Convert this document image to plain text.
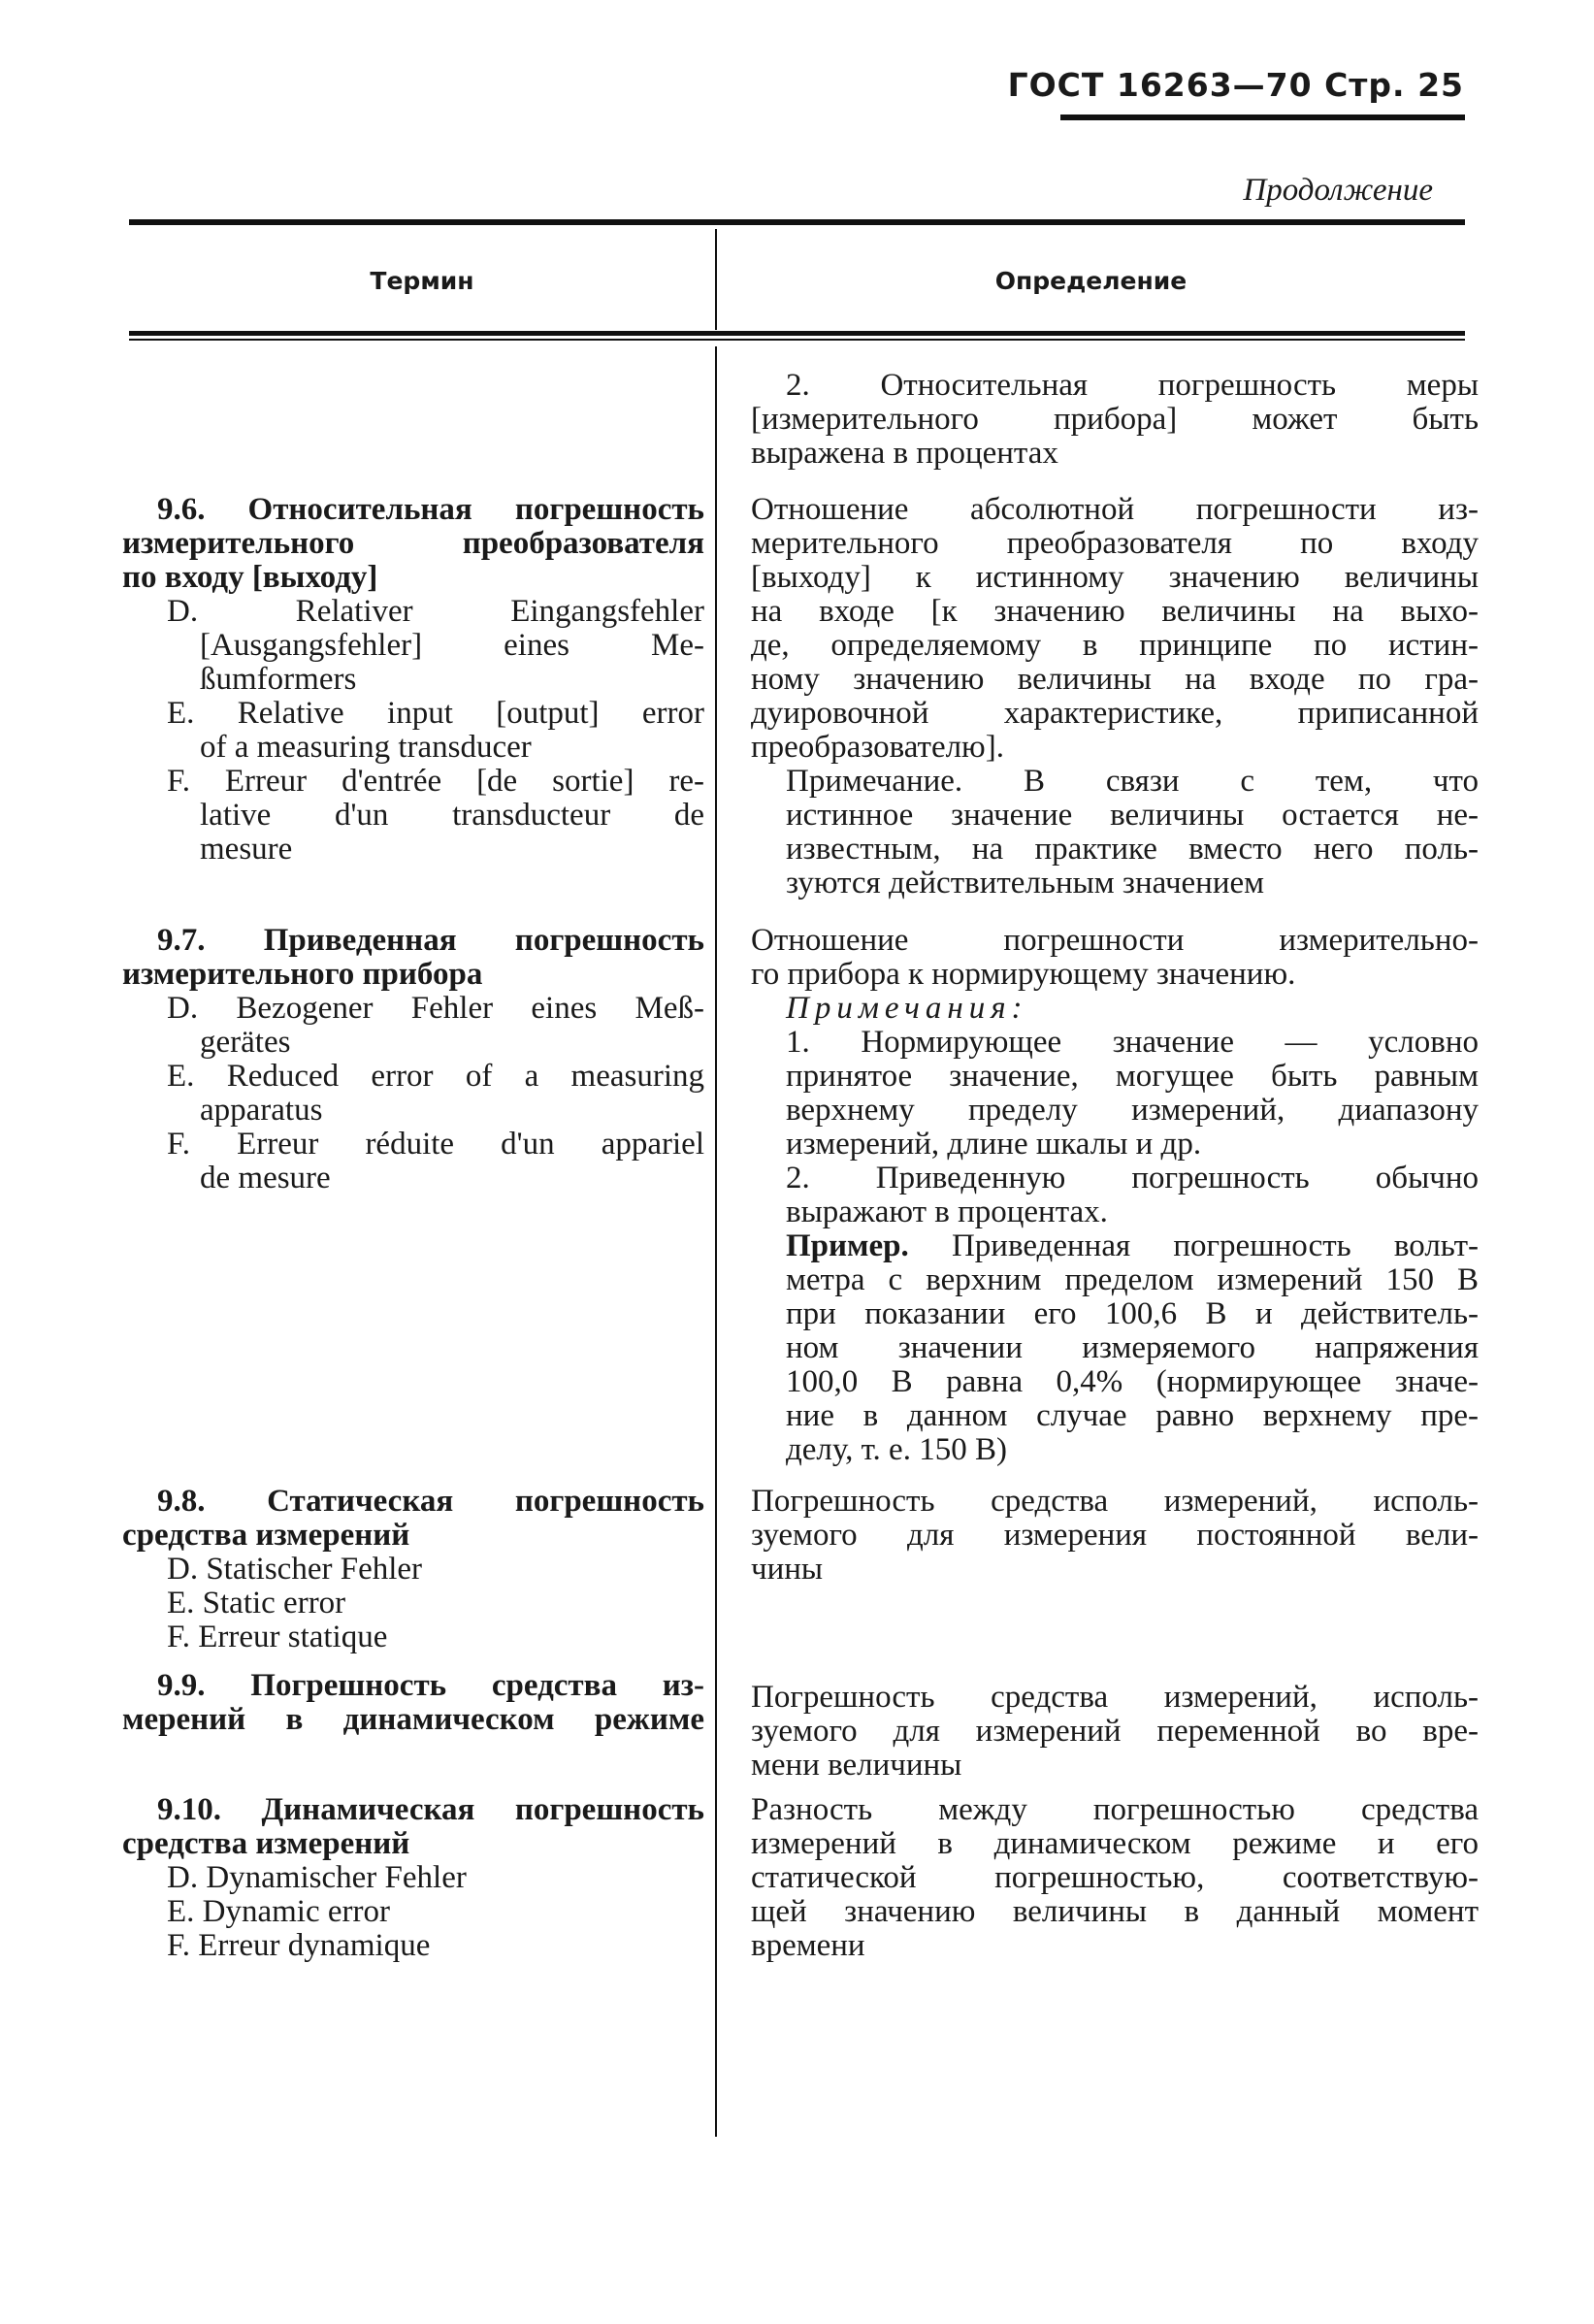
ГОСТ 16263—70 Стр. 25
Продолжение
Термин	Определение

2. Относительная погрешность меры

[измерительного прибора] может быть

выражена в процентах

9.6. Относительная погрешность

измерительного преобразователя

по входу [выходу]

D. Relativer Eingangsfehler

[Ausgangsfehler] eines Me-

ßumformers

E. Relative input [output] error

of a measuring transducer

F. Erreur d'entrée [de sortie] re-

lative d'un transducteur de

mesure

Отношение абсолютной погрешности из-

мерительного преобразователя по входу

[выходу] к истинному значению величины

на входе [к значению величины на выхо-

де, определяемому в принципе по истин-

ному значению величины на входе по гра-

дуировочной характеристике, приписанной

преобразователю].

Примечание. В связи с тем, что

истинное значение величины остается не-

известным, на практике вместо него поль-

зуются действительным значением

9.7. Приведенная погрешность

измерительного прибора

D. Bezogener Fehler eines Meß-

gerätes

E. Reduced error of a measuring

apparatus

F. Erreur réduite d'un appariel

de mesure

Отношение погрешности измерительно-

го прибора к нормирующему значению.

Примечания:

1. Нормирующее значение — условно

принятое значение, могущее быть равным

верхнему пределу измерений, диапазону

измерений, длине шкалы и др.

2. Приведенную погрешность обычно

выражают в процентах.

Пример. Приведенная погрешность вольт-

метра с верхним пределом измерений 150 В

при показании его 100,6 В и действитель-

ном значении измеряемого напряжения

100,0 В равна 0,4% (нормирующее значе-

ние в данном случае равно верхнему пре-

делу, т. е. 150 В)

9.8. Статическая погрешность

средства измерений

D. Statischer Fehler

E. Static error

F. Erreur statique

Погрешность средства измерений, исполь-

зуемого для измерения постоянной вели-

чины

9.9. Погрешность средства из-

мерений в динамическом режиме

Погрешность средства измерений, исполь-

зуемого для измерений переменной во вре-

мени величины

9.10. Динамическая погрешность

средства измерений

D. Dynamischer Fehler

E. Dynamic error

F. Erreur dynamique

Разность между погрешностью средства

измерений в динамическом режиме и его

статической погрешностью, соответствую-

щей значению величины в данный момент

времени
